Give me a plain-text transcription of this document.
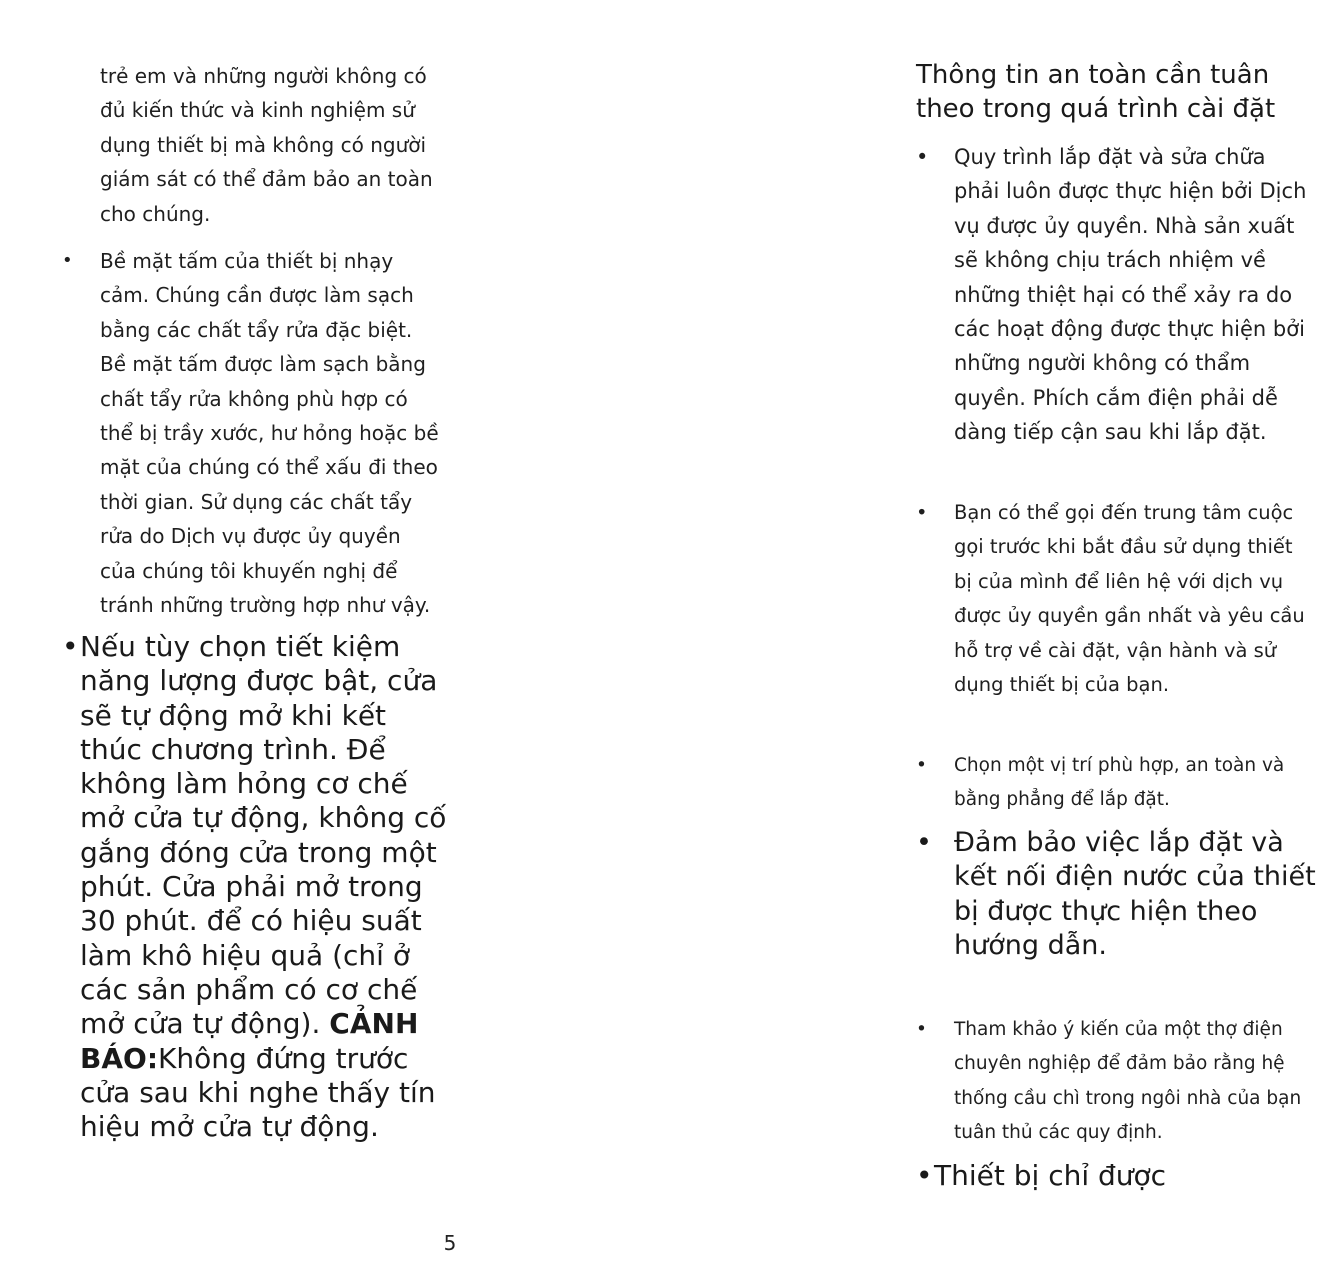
trẻ em và những người không có đủ kiến thức và kinh nghiệm sử dụng thiết bị mà không có người giám sát có thể đảm bảo an toàn cho chúng.

• Bề mặt tấm của thiết bị nhạy cảm. Chúng cần được làm sạch bằng các chất tẩy rửa đặc biệt. Bề mặt tấm được làm sạch bằng chất tẩy rửa không phù hợp có thể bị trầy xước, hư hỏng hoặc bề mặt của chúng có thể xấu đi theo thời gian. Sử dụng các chất tẩy rửa do Dịch vụ được ủy quyền của chúng tôi khuyến nghị để tránh những trường hợp như vậy.
• Nếu tùy chọn tiết kiệm năng lượng được bật, cửa sẽ tự động mở khi kết thúc chương trình. Để không làm hỏng cơ chế mở cửa tự động, không cố gắng đóng cửa trong một phút. Cửa phải mở trong 30 phút. để có hiệu suất làm khô hiệu quả (chỉ ở các sản phẩm có cơ chế mở cửa tự động). CẢNH BÁO:Không đứng trước cửa sau khi nghe thấy tín hiệu mở cửa tự động.
Thông tin an toàn cần tuân theo trong quá trình cài đặt
• Quy trình lắp đặt và sửa chữa phải luôn được thực hiện bởi Dịch vụ được ủy quyền. Nhà sản xuất sẽ không chịu trách nhiệm về những thiệt hại có thể xảy ra do các hoạt động được thực hiện bởi những người không có thẩm quyền. Phích cắm điện phải dễ dàng tiếp cận sau khi lắp đặt.
• Bạn có thể gọi đến trung tâm cuộc gọi trước khi bắt đầu sử dụng thiết bị của mình để liên hệ với dịch vụ được ủy quyền gần nhất và yêu cầu hỗ trợ về cài đặt, vận hành và sử dụng thiết bị của bạn.
• Chọn một vị trí phù hợp, an toàn và bằng phẳng để lắp đặt.
• Đảm bảo việc lắp đặt và kết nối điện nước của thiết bị được thực hiện theo hướng dẫn.
• Tham khảo ý kiến của một thợ điện chuyên nghiệp để đảm bảo rằng hệ thống cầu chì trong ngôi nhà của bạn tuân thủ các quy định.
• Thiết bị chỉ được
5
